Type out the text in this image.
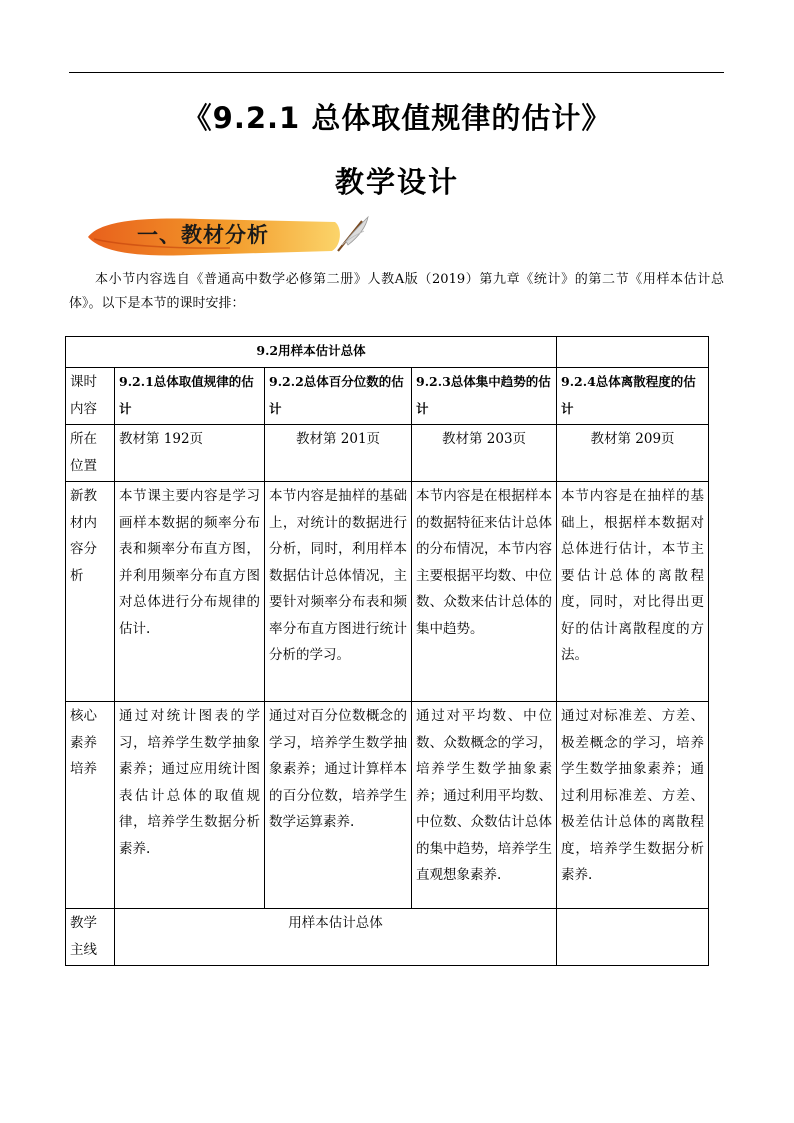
《9.2.1 总体取值规律的估计》
教学设计
一、教材分析
本小节内容选自《普通高中数学必修第二册》人教A版（2019）第九章《统计》的第二节《用样本估计总体》。以下是本节的课时安排：
9.2用样本估计总体				
课时内容	9.2.1总体取值规律的估计	9.2.2总体百分位数的估计	9.2.3总体集中趋势的估计	9.2.4总体离散程度的估计
所在位置	教材第 192页	教材第 201页	教材第 203页	教材第 209页
新教材内容分析	本节课主要内容是学习画样本数据的频率分布表和频率分布直方图，并利用频率分布直方图对总体进行分布规律的估计.	本节内容是抽样的基础上，对统计的数据进行分析，同时，利用样本数据估计总体情况，主要针对频率分布表和频率分布直方图进行统计分析的学习。	本节内容是在根据样本的数据特征来估计总体的分布情况，本节内容主要根据平均数、中位数、众数来估计总体的集中趋势。	本节内容是在抽样的基础上，根据样本数据对总体进行估计，本节主要估计总体的离散程度，同时，对比得出更好的估计离散程度的方法。
核心素养培养	通过对统计图表的学习，培养学生数学抽象素养；通过应用统计图表估计总体的取值规律，培养学生数据分析素养.	通过对百分位数概念的学习，培养学生数学抽象素养；通过计算样本的百分位数，培养学生数学运算素养.	通过对平均数、中位数、众数概念的学习，培养学生数学抽象素养；通过利用平均数、中位数、众数估计总体的集中趋势，培养学生直观想象素养.	通过对标准差、方差、极差概念的学习，培养学生数学抽象素养；通过利用标准差、方差、极差估计总体的离散程度，培养学生数据分析素养.
教学主线	用样本估计总体			
